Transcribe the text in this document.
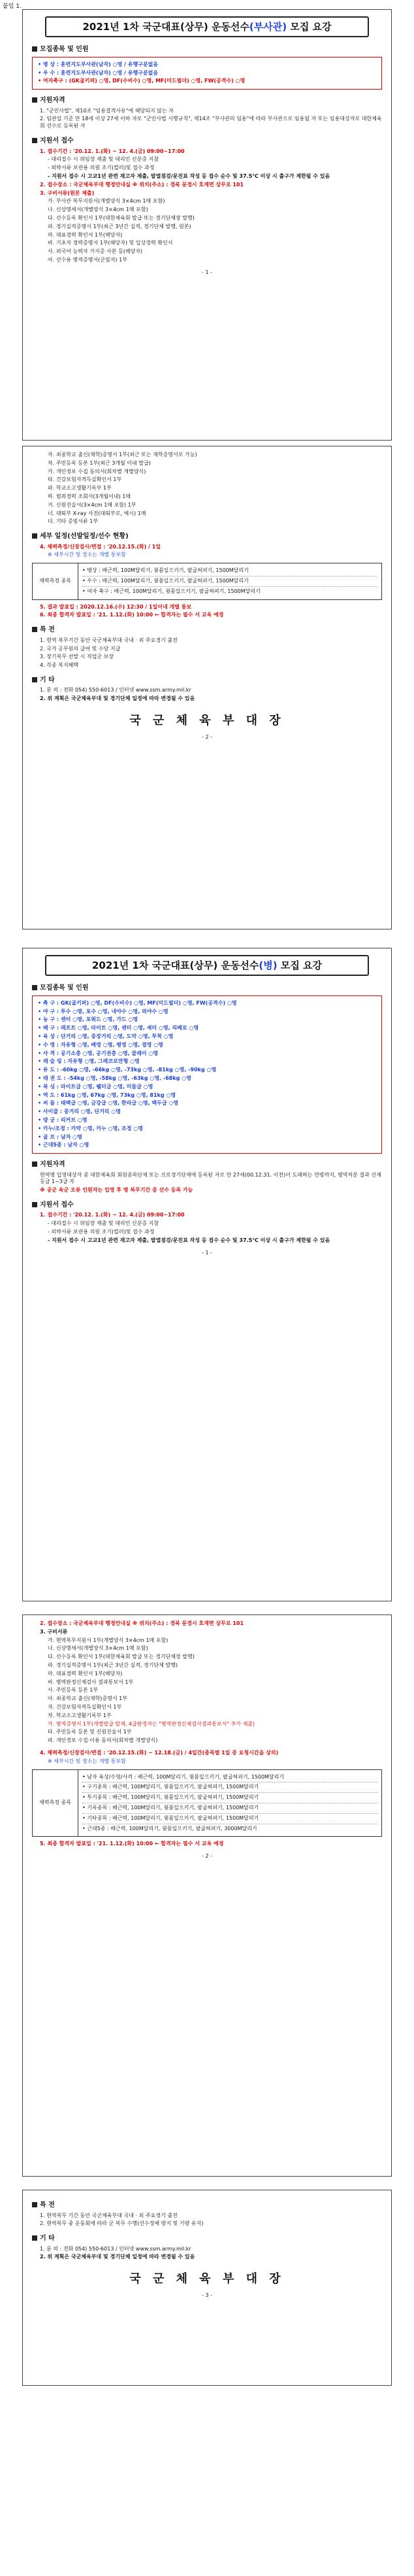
붙임 1.
2021년 1차 국군대표(상무) 운동선수(부사관) 모집 요강
모집종목 및 인원
• 병 상 : 훈련지도부사관(남자) ○명 / 유행구분없음
• 우 수 : 훈련지도부사관(남자) ○명 / 유행구분없음
• 여자축구 : (GK골키퍼) ○명, DF(수비수) ○명, MF(미드필더) ○명, FW(공격수) ○명
지원자격
1. "군인사법", 제10조 "임용결격사유"에 해당되지 않는 자
2. 임관일 기준 만 18세 이상 27세 이하 자로 "군인사법 시행규칙", 제14조 "부사관의 임용"에 따라 부사관으로 임용될 자 또는 임용대상자로 대한체육회 선수로 등록된 자
지원서 접수
1. 접수기간 : '20.12. 1.(화) ~ 12. 4.(금) 09:00~17:00
- 대리접수 시 위임장 제출 및 대리인 신분증 지참
- 외박서류 보관용 의원 조기(컬러)및 접수 과정
- 지원서 접수 시 고교1년 관련 재고자 제출, 발열점검/문진표 작성 등 접수 순수 및 37.5℃ 이상 시 출구가 제한될 수 있음
2. 접수장소 : 국군체육부대 행정안내실 ※ 위치(주소) : 경북 문경시 호계면 상무로 101
3. 구비서류(원본 제출)
가. 부사관 복무지원서(개별양식 3×4cm 1매 포함)
나. 신상명세서(개별양식 3×4cm 1매 포함)
다. 선수등록 확인서 1부(대한체육회 발급 또는 경기단체장 발행)
라. 경기실적증명서 1부(최근 3년간 실적, 경기단체 발행, 원본)
마. 대표경력 확인서 1부(해당자)
바. 기초자 경력증명서 1부(해당자) 및 입상경력 확인서
사. 외국어 능력자 가지증 사본 등(해당자)
아. 선수용 병적증명서(군필자) 1부
- 1 -
자. 최종학교 출신(재학)증명서 1부(최근 또는 재학증명서로 가능)
차. 주민등록 등본 1부(최근 3개월 이내 발급)
카. 개인정보 수집 동의서(회차별 개별양식)
타. 건강보험자격득실확인서 1부
파. 학교소고생활기록부 1부
하. 범죄경력 조회서(3개월이내) 1매
거. 신원진술서(3×4cm 1매 포함) 1부
너. 대퇴부 X-ray 사진(대퇴부로, 예시) 1매
더. 기타 증빙서류 1부
세부 일정(선발일정/선수 현황)
4. 체력측정/신장검사/면접 : '20.12.15.(화) / 1일
※ 세부시간 및 장소는 개별 통보함
체력측정 종목
• 병상 : 배근력, 100M달리기, 윗몸일으키기, 팔굽혀펴기, 1500M달리기
• 우수 : 배근력, 100M달리기, 윗몸일으키기, 팔굽혀펴기, 1500M달리기
• 여자 축구 : 배근력, 100M달리기, 윗몸일으키기, 팔굽혀펴기, 1500M달리기
5. 결과 발표일 : 2020.12.16.(수) 12:30 / 1일이내 개별 통보
6. 최종 합격자 발표일 : '21. 1.12.(화) 10:00 ← 합격자는 필수 서 교육 예정
특 전
1. 현역 복무기간 동안 국군체육부대 국내 · 외 주요경기 출전
2. 국가 공무원의 급여 및 수당 지급
3. 장기복무 선발 시 직업군 보장
4. 각종 복지혜택
기 타
1. 문 의 : 전화 054) 550-6013 / 인터넷 www.ssm.army.mil.kr
2. 위 계획은 국군체육부대 및 경기단체 일정에 따라 변경될 수 있음
국 군 체 육 부 대 장
- 2 -
2021년 1차 국군대표(상무) 운동선수(병) 모집 요강
모집종목 및 인원
• 축 구 : GK(골키퍼) ○명, DF(수비수) ○명, MF(미드필더) ○명, FW(공격수) ○명
• 야 구 : 투수 ○명, 포수 ○명, 내야수 ○명, 외야수 ○명
• 농 구 : 센터 ○명, 포워드 ○명, 가드 ○명
• 배 구 : 레프트 ○명, 라이트 ○명, 센터 ○명, 세터 ○명, 리베로 ○명
• 육 상 : 단거리 ○명, 중장거리 ○명, 도약 ○명, 투척 ○명
• 수 영 : 자유형 ○명, 배영 ○명, 평영 ○명, 접영 ○명
• 사 격 : 공기소총 ○명, 공기권총 ○명, 클레이 ○명
• 레 슬 링 : 자유형 ○명, 그레코로만형 ○명
• 유 도 : -60kg ○명, -66kg ○명, -73kg ○명, -81kg ○명, -90kg ○명
• 태 권 도 : -54kg ○명, -58kg ○명, -63kg ○명, -68kg ○명
• 복 싱 : 라이트급 ○명, 웰터급 ○명, 미들급 ○명
• 역 도 : 61kg ○명, 67kg ○명, 73kg ○명, 81kg ○명
• 씨 름 : 태백급 ○명, 금강급 ○명, 한라급 ○명, 백두급 ○명
• 사이클 : 중거리 ○명, 단거리 ○명
• 양 궁 : 리커브 ○명
• 카누/조정 : 카약 ○명, 카누 ○명, 조정 ○명
• 골 프 : 남자 ○명
• 근대5종 : 남자 ○명
지원자격
현역병 입영대상자 중 대한체육회 회원종목단체 또는 프로경기단체에 등록된 자로 만 27세(00.12.31. 이전)이 도래하는 연령까지, 병역처분 결과 신체등급 1~3급 자
※ 공군 육군 오류 인원자는 입영 후 병 복무기간 중 선수 등록 가능
지원서 접수
1. 접수기간 : '20.12. 1.(화) ~ 12. 4.(금) 09:00~17:00
- 대리접수 시 위임장 제출 및 대리인 신분증 지참
- 외박서류 보관용 의원 조기(컬러)및 접수 과정
- 지원서 접수 시 고교1년 관련 재고자 제출, 발열점검/문진표 작성 등 접수 순수 및 37.5℃ 이상 시 출구가 제한될 수 있음
- 1 -
2. 접수장소 : 국군체육부대 행정안내실 ※ 위치(주소) : 경북 문경시 호계면 상무로 101
3. 구비서류
가. 현역복무지원서 1부(개별양식 3×4cm 1매 포함)
나. 신상명세서(개별양식 3×4cm 1매 포함)
다. 선수등록 확인서 1부(대한체육회 발급 또는 경기단체장 발행)
라. 경기실적증명서 1부(최근 3년간 실적, 경기단체 발행)
마. 대표경력 확인서 1부(해당자)
바. 병역판정신체검사 결과통보서 1부
사. 주민등록 등본 1부
아. 최종학교 출신(재학)증명서 1부
자. 건강보험자격득실확인서 1부
차. 학교소고생활기록부 1부
카. 병적증명서 1부(개별발급 탑재, 4급판정자는 "병역판정신체검사결과통보서" 추가 제출)
타. 주민등록 등본 및 신원진술서 1부
파. 개인정보 수집·이용 동의서(회차별 개별양식)
4. 체력측정/신장검사/면접 : '20.12.15.(화) ~ 12.18.(금) / 4일간(종목별 1일 중 요청시간을 상의)
※ 세부시간 및 장소는 개별 통보함
체력측정 종목
• 남자 육상/수영/사격 : 배근력, 100M달리기, 윗몸일으키기, 팔굽혀펴기, 1500M달리기
• 구기종목 : 배근력, 100M달리기, 윗몸일으키기, 팔굽혀펴기, 1500M달리기
• 투기종목 : 배근력, 100M달리기, 윗몸일으키기, 팔굽혀펴기, 1500M달리기
• 기록종목 : 배근력, 100M달리기, 윗몸일으키기, 팔굽혀펴기, 1500M달리기
• 기타종목 : 배근력, 100M달리기, 윗몸일으키기, 팔굽혀펴기, 1500M달리기
• 근대5종 : 배근력, 100M달리기, 윗몸일으키기, 팔굽혀펴기, 3000M달리기
5. 최종 합격자 발표일 : '21. 1.12.(화) 10:00 ← 합격자는 필수 서 교육 예정
- 2 -
특 전
1. 현역복무 기간 동안 국군체육부대 국내 · 외 주요경기 출전
2. 현역복무 중 운동회에 따라 군 복무 수행(선수정예 방지 및 기량 유지)
기 타
1. 문 의 : 전화 054) 550-6013 / 인터넷 www.ssm.army.mil.kr
2. 위 계획은 국군체육부대 및 경기단체 일정에 따라 변경될 수 있음
국 군 체 육 부 대 장
- 3 -
